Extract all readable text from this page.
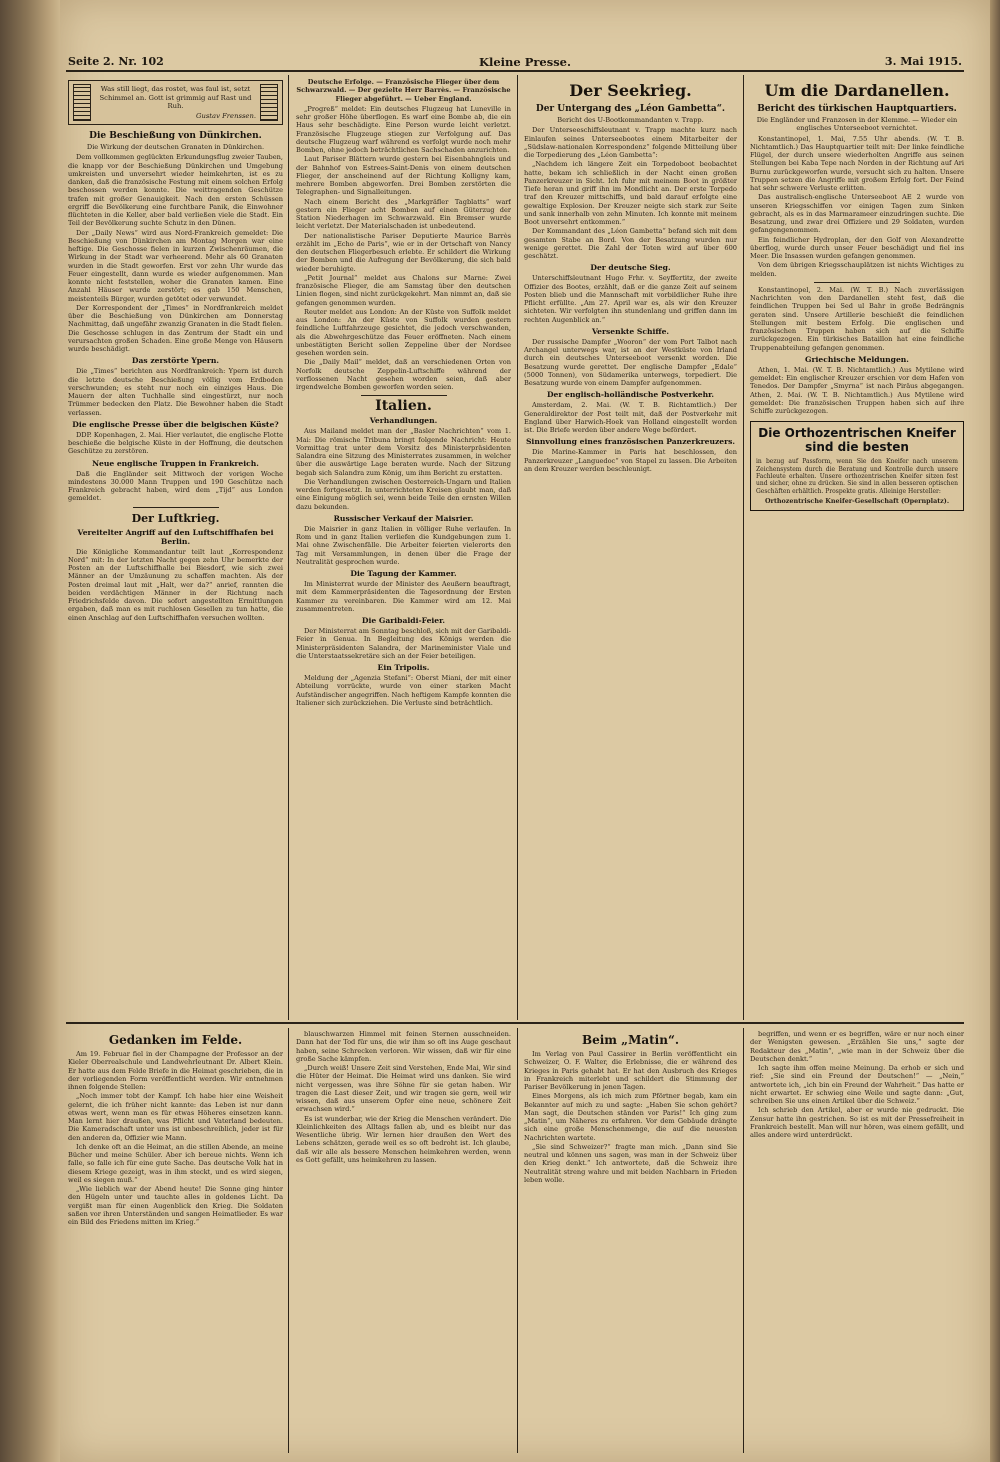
Seite 2. Nr. 102	Kleine Presse.	3. Mai 1915.
Was still liegt, das rostet, was faul ist, setzt
Schimmel an. Gott ist grimmig auf Rast und Ruh.
Gustav Frenssen.
Die Beschießung von Dünkirchen.
Die Wirkung der deutschen Granaten in Dünkirchen.

Dem vollkommen geglückten Erkundungsflug zweier Tauben, die knapp vor der Beschießung Dünkirchen und Umgebung umkreisten und unversehrt wieder heimkehrten, ist es zu danken, daß die französische Festung mit einem solchen Erfolg beschossen werden konnte. Die weittragenden Geschütze trafen mit großer Genauigkeit. Nach den ersten Schüssen ergriff die Bevölkerung eine furchtbare Panik, die Einwohner flüchteten in die Keller, aber bald verließen viele die Stadt. Ein Teil der Bevölkerung suchte Schutz in den Dünen.

Der „Daily News“ wird aus Nord-Frankreich gemeldet: Die Beschießung von Dünkirchen am Montag Morgen war eine heftige. Die Geschosse fielen in kurzen Zwischenräumen, die Wirkung in der Stadt war verheerend. Mehr als 60 Granaten wurden in die Stadt geworfen. Erst vor zehn Uhr wurde das Feuer eingestellt, dann wurde es wieder aufgenommen. Man konnte nicht feststellen, woher die Granaten kamen. Eine Anzahl Häuser wurde zerstört; es gab 150 Menschen, meistenteils Bürger, wurden getötet oder verwundet.

Der Korrespondent der „Times“ in Nordfrankreich meldet über die Beschießung von Dünkirchen am Donnerstag Nachmittag, daß ungefähr zwanzig Granaten in die Stadt fielen. Die Geschosse schlugen in das Zentrum der Stadt ein und verursachten großen Schaden. Eine große Menge von Häusern wurde beschädigt.

Das zerstörte Ypern.

Die „Times“ berichten aus Nordfrankreich: Ypern ist durch die letzte deutsche Beschießung völlig vom Erdboden verschwunden; es steht nur noch ein einziges Haus. Die Mauern der alten Tuchhalle sind eingestürzt, nur noch Trümmer bedecken den Platz. Die Bewohner haben die Stadt verlassen.

Die englische Presse über die belgischen Küste?

DDP. Kopenhagen, 2. Mai. Hier verlautet, die englische Flotte beschieße die belgische Küste in der Hoffnung, die deutschen Geschütze zu zerstören.

Neue englische Truppen in Frankreich.

Daß die Engländer seit Mittwoch der vorigen Woche mindestens 30.000 Mann Truppen und 190 Geschütze nach Frankreich gebracht haben, wird dem „Tijd“ aus London gemeldet.

Der Luftkrieg.
Vereitelter Angriff auf den Luftschiffhafen bei Berlin.

Die Königliche Kommandantur teilt laut „Korrespondenz Nord“ mit: In der letzten Nacht gegen zehn Uhr bemerkte der Posten an der Luftschiffhalle bei Biesdorf, wie sich zwei Männer an der Umzäunung zu schaffen machten. Als der Posten dreimal laut mit „Halt, wer da?“ anrief, rannten die beiden verdächtigen Männer in der Richtung nach Friedrichsfelde davon. Die sofort angestellten Ermittlungen ergaben, daß man es mit ruchlosen Gesellen zu tun hatte, die einen Anschlag auf den Luftschiffhafen versuchen wollten.

Deutsche Erfolge. — Französische Flieger über dem Schwarzwald. — Der gezielte Herr Barrès. — Französische Flieger abgeführt. — Ueber England.

„Progreß“ meldet: Ein deutsches Flugzeug hat Luneville in sehr großer Höhe überflogen. Es warf eine Bombe ab, die ein Haus sehr beschädigte. Eine Person wurde leicht verletzt. Französische Flugzeuge stiegen zur Verfolgung auf. Das deutsche Flugzeug warf während es verfolgt wurde noch mehr Bomben, ohne jedoch beträchtlichen Sachschaden anzurichten.

Laut Pariser Blättern wurde gestern bei Eisenbahngleis und der Bahnhof von Estrees-Saint-Denis von einem deutschen Flieger, der anscheinend auf der Richtung Kolligny kam, mehrere Bomben abgeworfen. Drei Bomben zerstörten die Telegraphen- und Signalleitungen.

Nach einem Bericht des „Markgräfler Tagblatts“ warf gestern ein Flieger acht Bomben auf einen Güterzug der Station Niederhagen im Schwarzwald. Ein Bremser wurde leicht verletzt. Der Materialschaden ist unbedeutend.

Der nationalistische Pariser Deputierte Maurice Barrès erzählt im „Echo de Paris“, wie er in der Ortschaft von Nancy den deutschen Fliegerbesuch erlebte. Er schildert die Wirkung der Bomben und die Aufregung der Bevölkerung, die sich bald wieder beruhigte.

„Petit Journal“ meldet aus Chalons sur Marne: Zwei französische Flieger, die am Samstag über den deutschen Linien flogen, sind nicht zurückgekehrt. Man nimmt an, daß sie gefangen genommen wurden.

Reuter meldet aus London: An der Küste von Suffolk meldet aus London: An der Küste von Suffolk wurden gestern feindliche Luftfahrzeuge gesichtet, die jedoch verschwanden, als die Abwehrgeschütze das Feuer eröffneten. Nach einem unbestätigten Bericht sollen Zeppeline über der Nordsee gesehen worden sein.

Die „Daily Mail“ meldet, daß an verschiedenen Orten von Norfolk deutsche Zeppelin-Luftschiffe während der verflossenen Nacht gesehen worden seien, daß aber irgendwelche Bomben geworfen worden seien.

Italien.
Verhandlungen.

Aus Mailand meldet man der „Basler Nachrichten“ vom 1. Mai: Die römische Tribuna bringt folgende Nachricht: Heute Vormittag trat unter dem Vorsitz des Ministerpräsidenten Salandra eine Sitzung des Ministerrates zusammen, in welcher über die auswärtige Lage beraten wurde. Nach der Sitzung begab sich Salandra zum König, um ihm Bericht zu erstatten.

Die Verhandlungen zwischen Oesterreich-Ungarn und Italien werden fortgesetzt. In unterrichteten Kreisen glaubt man, daß eine Einigung möglich sei, wenn beide Teile den ernsten Willen dazu bekunden.

Russischer Verkauf der Maisrier.

Die Maisrier in ganz Italien in völliger Ruhe verlaufen. In Rom und in ganz Italien verliefen die Kundgebungen zum 1. Mai ohne Zwischenfälle. Die Arbeiter feierten vielerorts den Tag mit Versammlungen, in denen über die Frage der Neutralität gesprochen wurde.

Die Tagung der Kammer.

Im Ministerrat wurde der Minister des Aeußern beauftragt, mit dem Kammerpräsidenten die Tagesordnung der Ersten Kammer zu vereinbaren. Die Kammer wird am 12. Mai zusammentreten.

Die Garibaldi-Feier.

Der Ministerrat am Sonntag beschloß, sich mit der Garibaldi-Feier in Genua. In Begleitung des Königs werden die Ministerpräsidenten Salandra, der Marineminister Viale und die Unterstaatssekretäre sich an der Feier beteiligen.

Ein Tripolis.

Meldung der „Agenzia Stefani“: Oberst Miani, der mit einer Abteilung vorrückte, wurde von einer starken Macht Aufständischer angegriffen. Nach heftigem Kampfe konnten die Italiener sich zurückziehen. Die Verluste sind beträchtlich.

Der Seekrieg.
Der Untergang des „Léon Gambetta“.
Bericht des U-Bootkommandanten v. Trapp.

Der Unterseeschiffsleutnant v. Trapp machte kurz nach Einlaufen seines Unterseebootes einem Mitarbeiter der „Südslaw-nationalen Korrespondenz“ folgende Mitteilung über die Torpedierung des „Léon Gambetta“:

„Nachdem ich längere Zeit ein Torpedoboot beobachtet hatte, bekam ich schließlich in der Nacht einen großen Panzerkreuzer in Sicht. Ich fuhr mit meinem Boot in größter Tiefe heran und griff ihn im Mondlicht an. Der erste Torpedo traf den Kreuzer mittschiffs, und bald darauf erfolgte eine gewaltige Explosion. Der Kreuzer neigte sich stark zur Seite und sank innerhalb von zehn Minuten. Ich konnte mit meinem Boot unversehrt entkommen.“

Der Kommandant des „Léon Gambetta“ befand sich mit dem gesamten Stabe an Bord. Von der Besatzung wurden nur wenige gerettet. Die Zahl der Toten wird auf über 600 geschätzt.

Der deutsche Sieg.

Unterschiffsleutnant Hugo Frhr. v. Seyffertitz, der zweite Offizier des Bootes, erzählt, daß er die ganze Zeit auf seinem Posten blieb und die Mannschaft mit vorbildlicher Ruhe ihre Pflicht erfüllte. „Am 27. April war es, als wir den Kreuzer sichteten. Wir verfolgten ihn stundenlang und griffen dann im rechten Augenblick an.“

Versenkte Schiffe.

Der russische Dampfer „Wooron“ der vom Port Talbot nach Archangel unterwegs war, ist an der Westküste von Irland durch ein deutsches Unterseeboot versenkt worden. Die Besatzung wurde gerettet. Der englische Dampfer „Edale“ (5000 Tonnen), von Südamerika unterwegs, torpediert. Die Besatzung wurde von einem Dampfer aufgenommen.

Der englisch-holländische Postverkehr.

Amsterdam, 2. Mai. (W. T. B. Richtamtlich.) Der Generaldirektor der Post teilt mit, daß der Postverkehr mit England über Harwich-Hoek van Holland eingestellt worden ist. Die Briefe werden über andere Wege befördert.

Sinnvollung eines französischen Panzerkreuzers.

Die Marine-Kammer in Paris hat beschlossen, den Panzerkreuzer „Languedoc“ von Stapel zu lassen. Die Arbeiten an dem Kreuzer werden beschleunigt.

Um die Dardanellen.
Bericht des türkischen Hauptquartiers.
Die Engländer und Franzosen in der Klemme. — Wieder ein englisches Unterseeboot vernichtet.

Konstantinopel, 1. Mai, 7.55 Uhr abends. (W. T. B. Nichtamtlich.) Das Hauptquartier teilt mit: Der linke feindliche Flügel, der durch unsere wiederholten Angriffe aus seinen Stellungen bei Kaba Tepe nach Norden in der Richtung auf Ari Burnu zurückgeworfen wurde, versucht sich zu halten. Unsere Truppen setzen die Angriffe mit großem Erfolg fort. Der Feind hat sehr schwere Verluste erlitten.

Das australisch-englische Unterseeboot AE 2 wurde von unseren Kriegsschiffen vor einigen Tagen zum Sinken gebracht, als es in das Marmarameer einzudringen suchte. Die Besatzung, und zwar drei Offiziere und 29 Soldaten, wurden gefangengenommen.

Ein feindlicher Hydroplan, der den Golf von Alexandrette überflog, wurde durch unser Feuer beschädigt und fiel ins Meer. Die Insassen wurden gefangen genommen.

Von dem übrigen Kriegsschauplätzen ist nichts Wichtiges zu melden.

Konstantinopel, 2. Mai. (W. T. B.) Nach zuverlässigen Nachrichten von den Dardanellen steht fest, daß die feindlichen Truppen bei Sed ul Bahr in große Bedrängnis geraten sind. Unsere Artillerie beschießt die feindlichen Stellungen mit bestem Erfolg. Die englischen und französischen Truppen haben sich auf die Schiffe zurückgezogen. Ein türkisches Bataillon hat eine feindliche Truppenabteilung gefangen genommen.

Griechische Meldungen.

Athen, 1. Mai. (W. T. B. Nichtamtlich.) Aus Mytilene wird gemeldet: Ein englischer Kreuzer erschien vor dem Hafen von Tenedos. Der Dampfer „Smyrna“ ist nach Piräus abgegangen. Athen, 2. Mai. (W. T. B. Nichtamtlich.) Aus Mytilene wird gemeldet: Die französischen Truppen haben sich auf ihre Schiffe zurückgezogen.

Die Orthozentrischen Kneifer
sind die besten
in bezug auf Passform, wenn Sie den Kneifer nach unserem Zeichensystem durch die Beratung und Kontrolle durch unsere Fachleute erhalten. Unsere orthozentrischen Kneifer sitzen fest und sicher, ohne zu drücken. Sie sind in allen besseren optischen Geschäften erhältlich. Prospekte gratis. Alleinige Hersteller:
Orthozentrische Kneifer-Gesellschaft (Opernplatz).
Gedanken im Felde.

Am 19. Februar fiel in der Champagne der Professor an der Kieler Oberrealschule und Landwehrleutnant Dr. Albert Klein. Er hatte aus dem Felde Briefe in die Heimat geschrieben, die in der vorliegenden Form veröffentlicht werden. Wir entnehmen ihnen folgende Stellen:

„Noch immer tobt der Kampf. Ich habe hier eine Weisheit gelernt, die ich früher nicht kannte: das Leben ist nur dann etwas wert, wenn man es für etwas Höheres einsetzen kann. Man lernt hier draußen, was Pflicht und Vaterland bedeuten. Die Kameradschaft unter uns ist unbeschreiblich, jeder ist für den anderen da, Offizier wie Mann.

Ich denke oft an die Heimat, an die stillen Abende, an meine Bücher und meine Schüler. Aber ich bereue nichts. Wenn ich falle, so falle ich für eine gute Sache. Das deutsche Volk hat in diesem Kriege gezeigt, was in ihm steckt, und es wird siegen, weil es siegen muß.“

„Wie lieblich war der Abend heute! Die Sonne ging hinter den Hügeln unter und tauchte alles in goldenes Licht. Da vergißt man für einen Augenblick den Krieg. Die Soldaten saßen vor ihren Unterständen und sangen Heimatlieder. Es war ein Bild des Friedens mitten im Krieg.“

blauschwarzen Himmel mit feinen Sternen ausschneiden. Dann hat der Tod für uns, die wir ihm so oft ins Auge geschaut haben, seine Schrecken verloren. Wir wissen, daß wir für eine große Sache kämpfen.

„Durch weiß! Unsere Zeit sind Verstehen, Ende Mai, Wir sind die Hüter der Heimat. Die Heimat wird uns danken. Sie wird nicht vergessen, was ihre Söhne für sie getan haben. Wir tragen die Last dieser Zeit, und wir tragen sie gern, weil wir wissen, daß aus unserem Opfer eine neue, schönere Zeit erwachsen wird.“

Es ist wunderbar, wie der Krieg die Menschen verändert. Die Kleinlichkeiten des Alltags fallen ab, und es bleibt nur das Wesentliche übrig. Wir lernen hier draußen den Wert des Lebens schätzen, gerade weil es so oft bedroht ist. Ich glaube, daß wir alle als bessere Menschen heimkehren werden, wenn es Gott gefällt, uns heimkehren zu lassen.

Beim „Matin“.

Im Verlag von Paul Cassirer in Berlin veröffentlicht ein Schweizer, O. F. Walter, die Erlebnisse, die er während des Krieges in Paris gehabt hat. Er hat den Ausbruch des Krieges in Frankreich miterlebt und schildert die Stimmung der Pariser Bevölkerung in jenen Tagen.

Eines Morgens, als ich mich zum Pförtner begab, kam ein Bekannter auf mich zu und sagte: „Haben Sie schon gehört? Man sagt, die Deutschen ständen vor Paris!“ Ich ging zum „Matin“, um Näheres zu erfahren. Vor dem Gebäude drängte sich eine große Menschenmenge, die auf die neuesten Nachrichten wartete.

„Sie sind Schweizer?“ fragte man mich. „Dann sind Sie neutral und können uns sagen, was man in der Schweiz über den Krieg denkt.“ Ich antwortete, daß die Schweiz ihre Neutralität streng wahre und mit beiden Nachbarn in Frieden leben wolle.

begriffen, und wenn er es begriffen, wäre er nur noch einer der Wenigsten gewesen. „Erzählen Sie uns,“ sagte der Redakteur des „Matin“, „wie man in der Schweiz über die Deutschen denkt.“

Ich sagte ihm offen meine Meinung. Da erhob er sich und rief: „Sie sind ein Freund der Deutschen!“ — „Nein,“ antwortete ich, „ich bin ein Freund der Wahrheit.“ Das hatte er nicht erwartet. Er schwieg eine Weile und sagte dann: „Gut, schreiben Sie uns einen Artikel über die Schweiz.“

Ich schrieb den Artikel, aber er wurde nie gedruckt. Die Zensur hatte ihn gestrichen. So ist es mit der Pressefreiheit in Frankreich bestellt. Man will nur hören, was einem gefällt, und alles andere wird unterdrückt.
